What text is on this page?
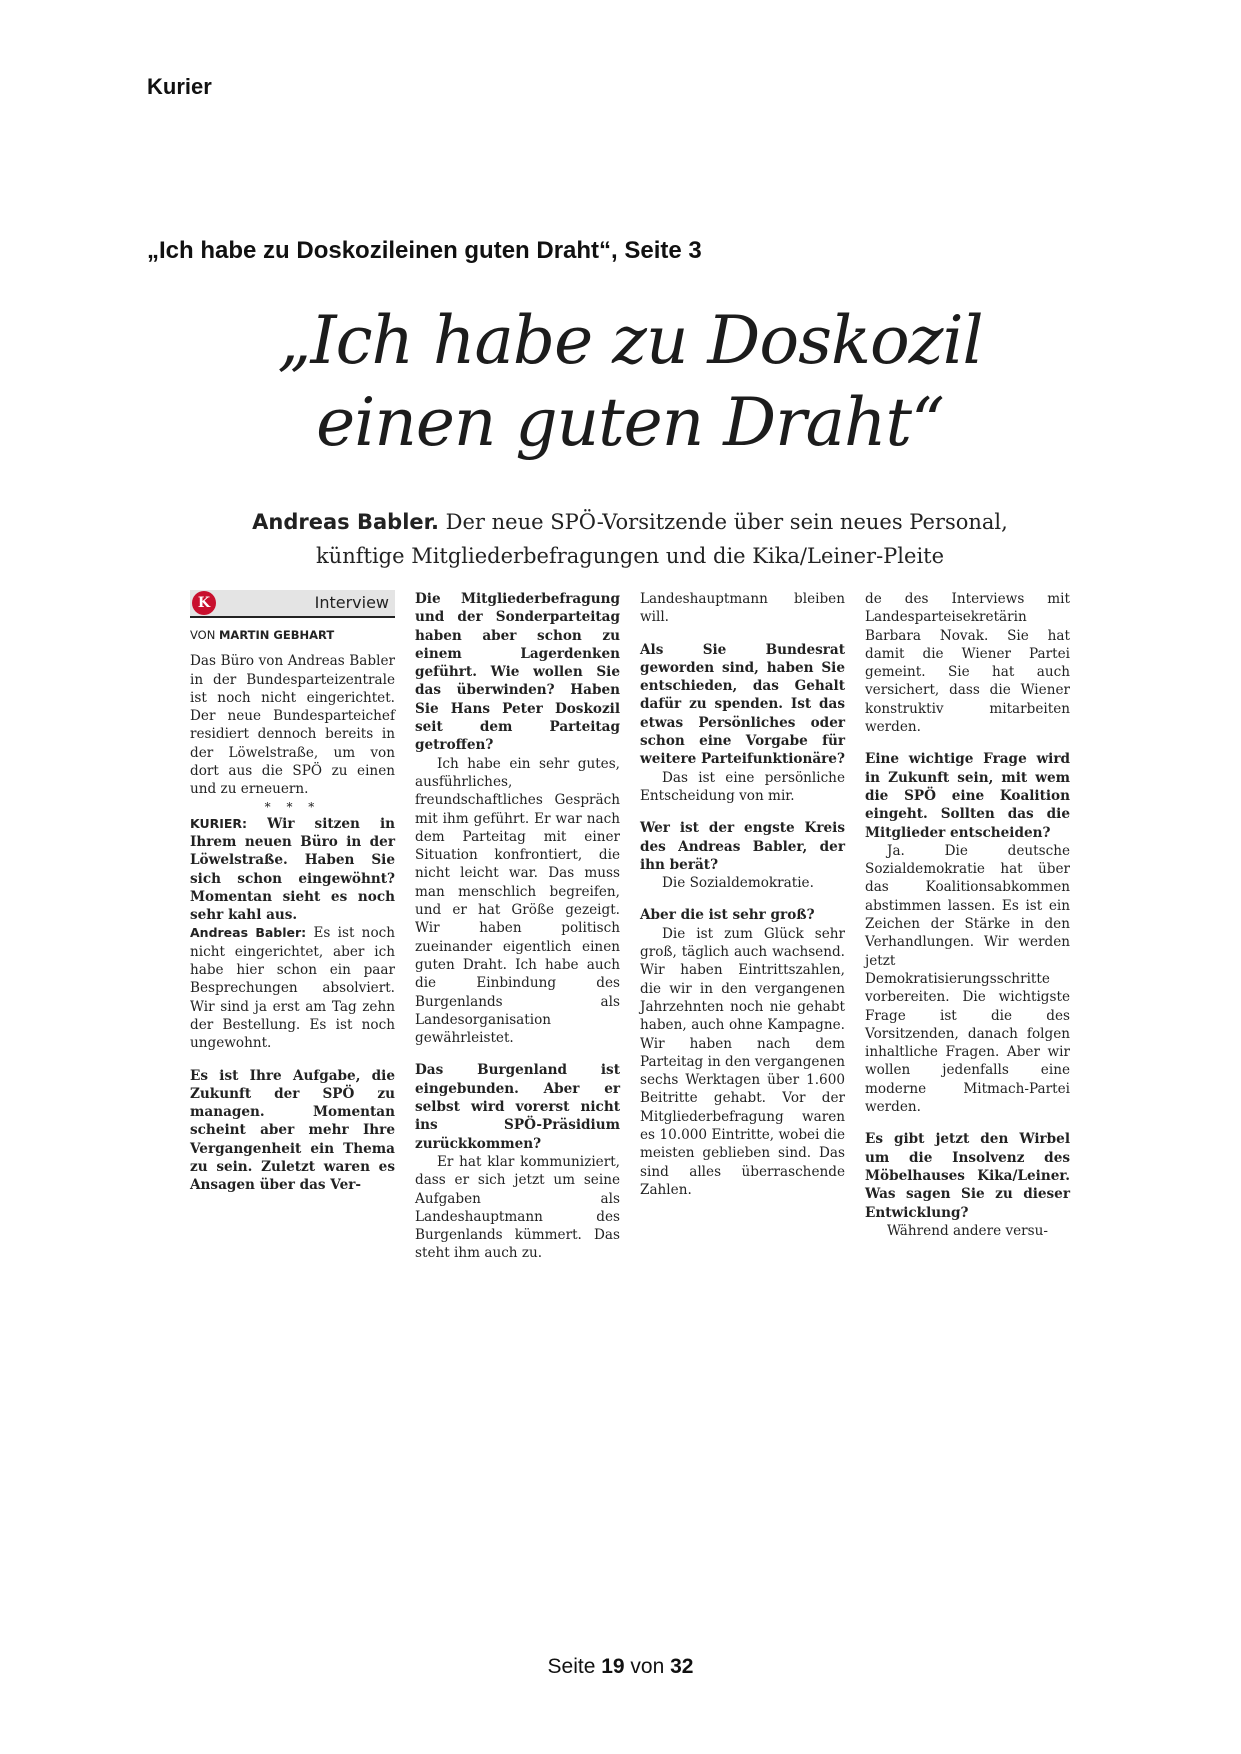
Kurier
„Ich habe zu Doskozileinen guten Draht“, Seite 3
„Ich habe zu Doskozil
einen guten Draht“
Andreas Babler. Der neue SPÖ-Vorsitzende über sein neues Personal,
künftige Mitgliederbefragungen und die Kika/Leiner-Pleite
K	Interview
VON MARTIN GEBHART

Das Büro von Andreas Babler in der Bundesparteizentrale ist noch nicht eingerichtet. Der neue Bundesparteichef residiert dennoch bereits in der Löwelstraße, um von dort aus die SPÖ zu einen und zu erneuern.

* * *

KURIER: Wir sitzen in Ihrem neuen Büro in der Löwelstraße. Haben Sie sich schon eingewöhnt? Momentan sieht es noch sehr kahl aus.

Andreas Babler: Es ist noch nicht eingerichtet, aber ich habe hier schon ein paar Besprechungen absolviert. Wir sind ja erst am Tag zehn der Bestellung. Es ist noch ungewohnt.

Es ist Ihre Aufgabe, die Zukunft der SPÖ zu managen. Momentan scheint aber mehr Ihre Vergangenheit ein Thema zu sein. Zuletzt waren es Ansagen über das Ver-

Die Mitgliederbefragung und der Sonderparteitag haben aber schon zu einem Lagerdenken geführt. Wie wollen Sie das überwinden? Haben Sie Hans Peter Doskozil seit dem Parteitag getroffen?

Ich habe ein sehr gutes, ausführliches, freundschaftliches Gespräch mit ihm geführt. Er war nach dem Parteitag mit einer Situation konfrontiert, die nicht leicht war. Das muss man menschlich begreifen, und er hat Größe gezeigt. Wir haben politisch zueinander eigentlich einen guten Draht. Ich habe auch die Einbindung des Burgenlands als Landesorganisation gewährleistet.

Das Burgenland ist eingebunden. Aber er selbst wird vorerst nicht ins SPÖ-Präsidium zurückkommen?

Er hat klar kommuniziert, dass er sich jetzt um seine Aufgaben als Landeshauptmann des Burgenlands kümmert. Das steht ihm auch zu.

Landeshauptmann bleiben will.

Als Sie Bundesrat geworden sind, haben Sie entschieden, das Gehalt dafür zu spenden. Ist das etwas Persönliches oder schon eine Vorgabe für weitere Parteifunktionäre?

Das ist eine persönliche Entscheidung von mir.

Wer ist der engste Kreis des Andreas Babler, der ihn berät?

Die Sozialdemokratie.

Aber die ist sehr groß?

Die ist zum Glück sehr groß, täglich auch wachsend. Wir haben Eintrittszahlen, die wir in den vergangenen Jahrzehnten noch nie gehabt haben, auch ohne Kampagne. Wir haben nach dem Parteitag in den vergangenen sechs Werktagen über 1.600 Beitritte gehabt. Vor der Mitgliederbefragung waren es 10.000 Eintritte, wobei die meisten geblieben sind. Das sind alles überraschende Zahlen.

de des Interviews mit Landesparteisekretärin Barbara Novak. Sie hat damit die Wiener Partei gemeint. Sie hat auch versichert, dass die Wiener konstruktiv mitarbeiten werden.

Eine wichtige Frage wird in Zukunft sein, mit wem die SPÖ eine Koalition eingeht. Sollten das die Mitglieder entscheiden?

Ja. Die deutsche Sozialdemokratie hat über das Koalitionsabkommen abstimmen lassen. Es ist ein Zeichen der Stärke in den Verhandlungen. Wir werden jetzt Demokratisierungsschritte vorbereiten. Die wichtigste Frage ist die des Vorsitzenden, danach folgen inhaltliche Fragen. Aber wir wollen jedenfalls eine moderne Mitmach-Partei werden.

Es gibt jetzt den Wirbel um die Insolvenz des Möbelhauses Kika/Leiner. Was sagen Sie zu dieser Entwicklung?

Während andere versu-

Seite 19 von 32
